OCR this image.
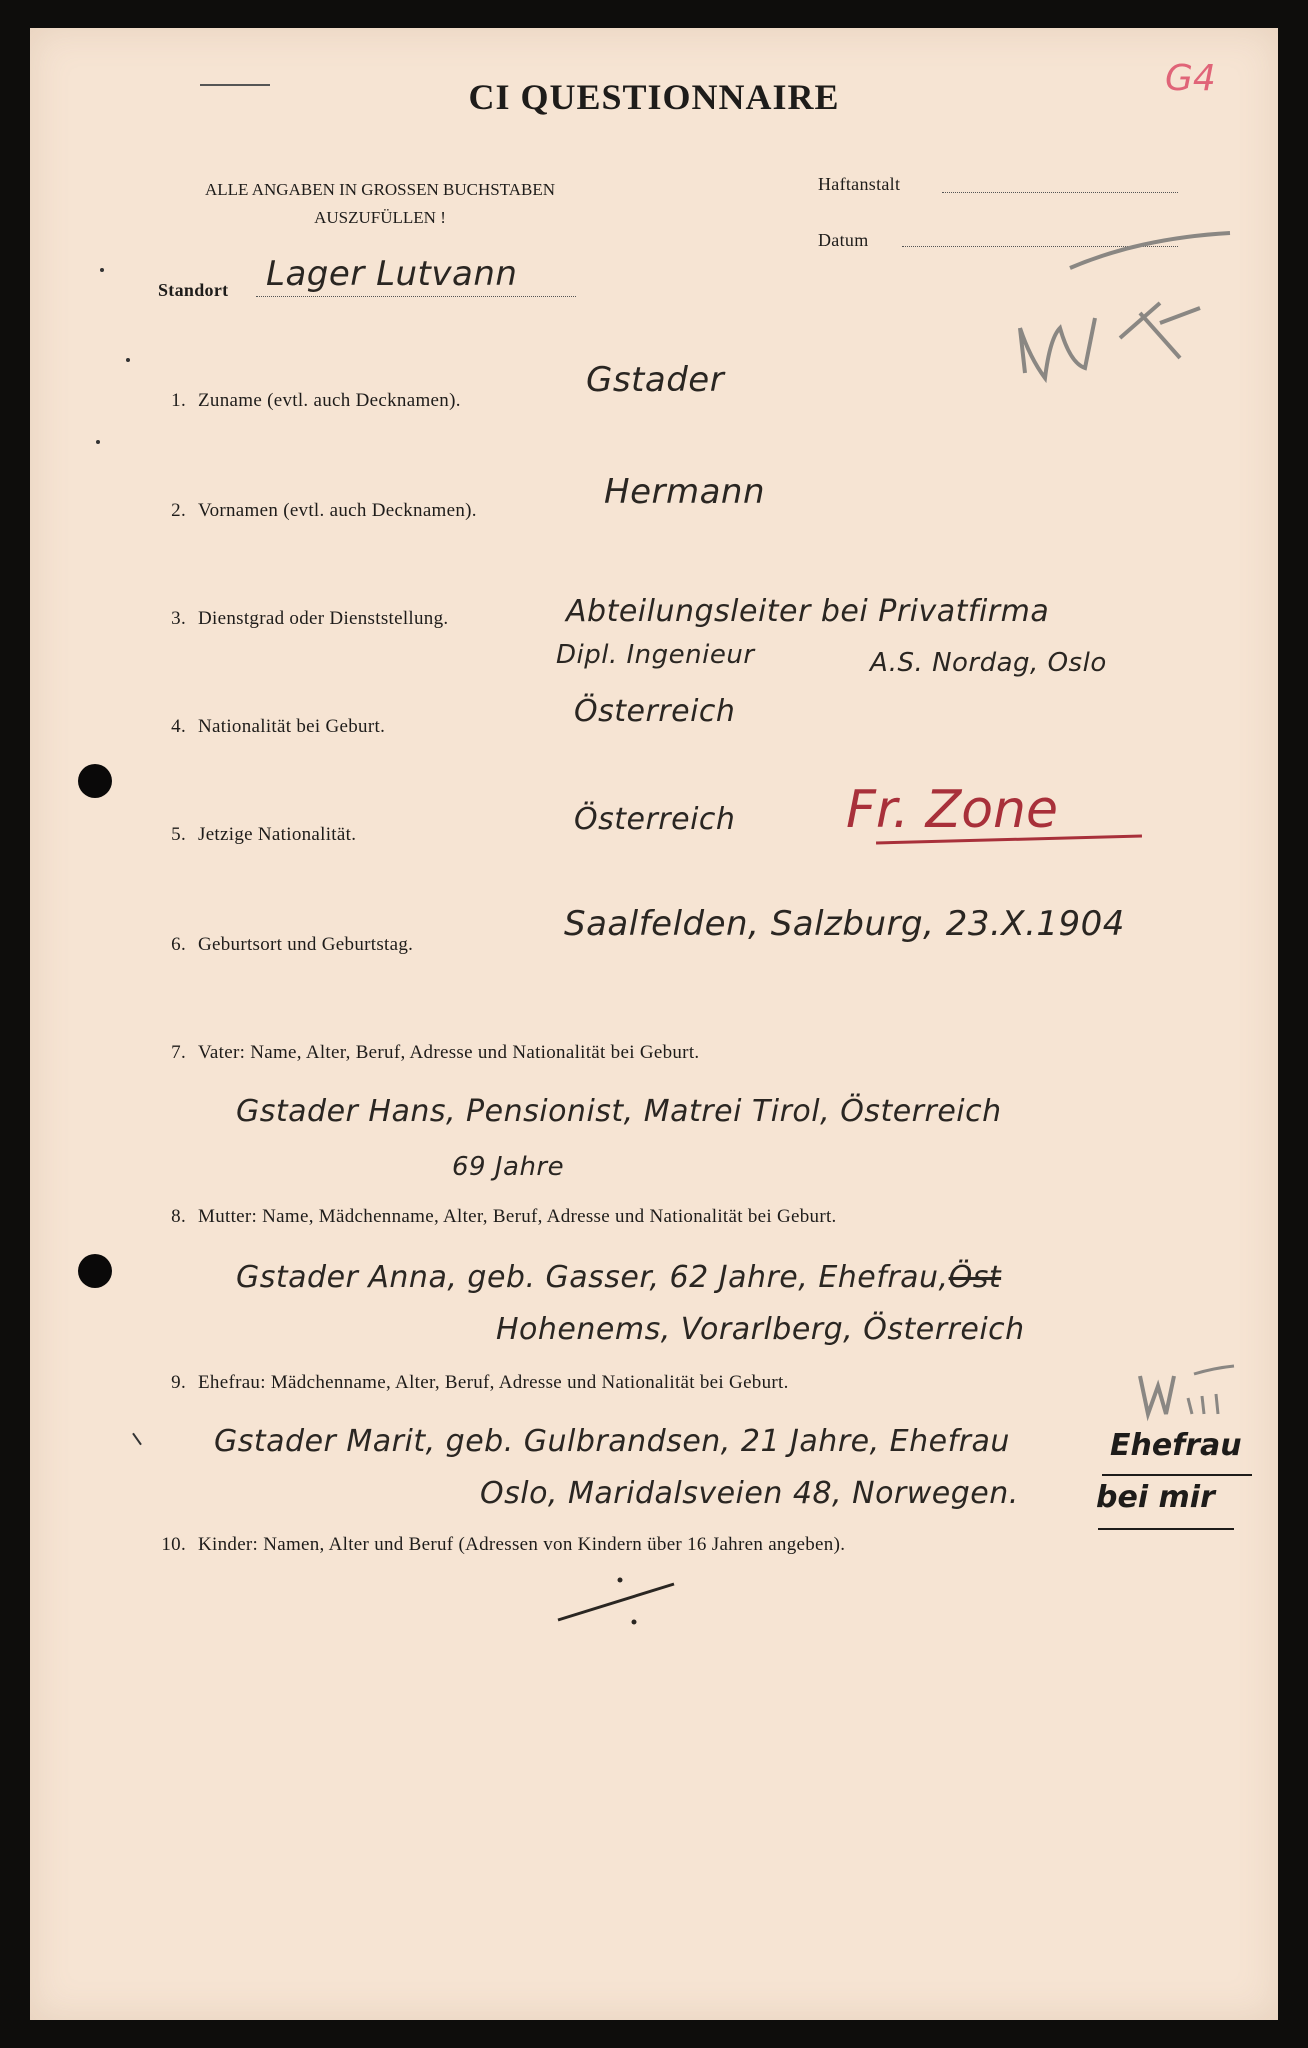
CI QUESTIONNAIRE	G4
ALLE ANGABEN IN GROSSEN BUCHSTABEN
AUSZUFÜLLEN !
Haftanstalt
Datum
Standort Lager Lutvann
1. Zuname (evtl. auch Decknamen).
Gstader
2. Vornamen (evtl. auch Decknamen).	Hermann
3. Dienstgrad oder Dienststellung.	Abteilungsleiter bei Privatfirma
Dipl. Ingenieur	A.S. Nordag, Oslo
4. Nationalität bei Geburt.	Österreich
5. Jetzige Nationalität.	Österreich Fr. Zone
6. Geburtsort und Geburtstag.
Saalfelden, Salzburg, 23.X.1904
7. Vater: Name, Alter, Beruf, Adresse und Nationalität bei Geburt.
Gstader Hans, Pensionist, Matrei Tirol, Österreich
69 Jahre
8. Mutter: Name, Mädchenname, Alter, Beruf, Adresse und Nationalität bei Geburt.
Gstader Anna, geb. Gasser, 62 Jahre, Ehefrau,Öst
Hohenems, Vorarlberg, Österreich
9. Ehefrau: Mädchenname, Alter, Beruf, Adresse und Nationalität bei Geburt.
Gstader Marit, geb. Gulbrandsen, 21 Jahre, Ehefrau
Oslo, Maridalsveien 48, Norwegen.
Ehefrau
bei mir
10. Kinder: Namen, Alter und Beruf (Adressen von Kindern über 16 Jahren angeben).
